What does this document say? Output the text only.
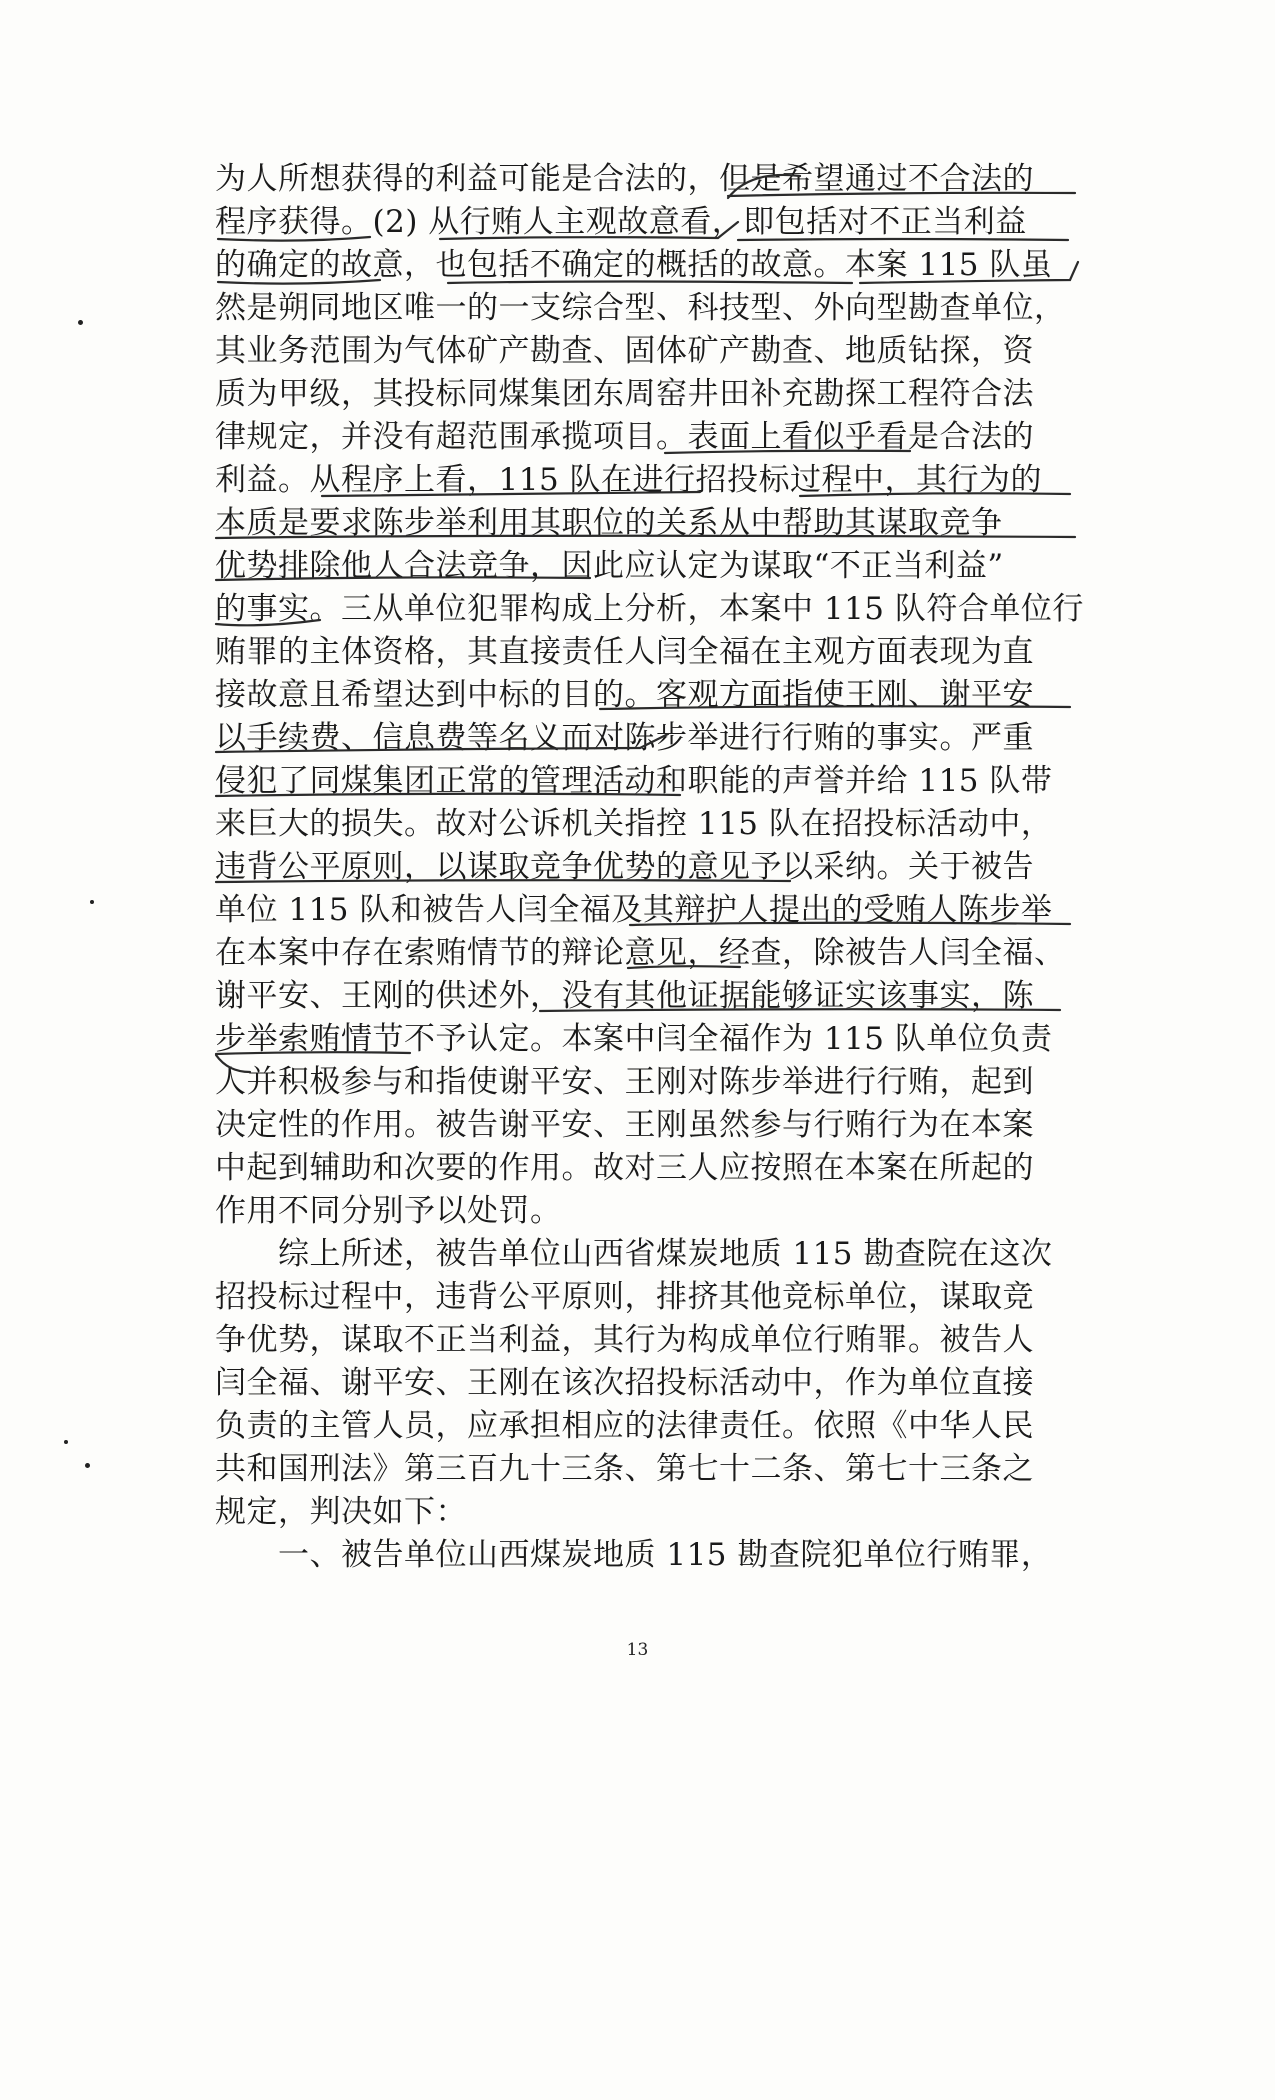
为人所想获得的利益可能是合法的，但是希望通过不合法的
程序获得。(2) 从行贿人主观故意看，即包括对不正当利益
的确定的故意，也包括不确定的概括的故意。本案 115 队虽
然是朔同地区唯一的一支综合型、科技型、外向型勘查单位，
其业务范围为气体矿产勘查、固体矿产勘查、地质钻探，资
质为甲级，其投标同煤集团东周窑井田补充勘探工程符合法
律规定，并没有超范围承揽项目。表面上看似乎看是合法的
利益。从程序上看，115 队在进行招投标过程中，其行为的
本质是要求陈步举利用其职位的关系从中帮助其谋取竞争
优势排除他人合法竞争，因此应认定为谋取“不正当利益”
的事实。三从单位犯罪构成上分析，本案中 115 队符合单位行
贿罪的主体资格，其直接责任人闫全福在主观方面表现为直
接故意且希望达到中标的目的。客观方面指使王刚、谢平安
以手续费、信息费等名义而对陈步举进行行贿的事实。严重
侵犯了同煤集团正常的管理活动和职能的声誉并给 115 队带
来巨大的损失。故对公诉机关指控 115 队在招投标活动中，
违背公平原则，以谋取竞争优势的意见予以采纳。关于被告
单位 115 队和被告人闫全福及其辩护人提出的受贿人陈步举
在本案中存在索贿情节的辩论意见，经查，除被告人闫全福、
谢平安、王刚的供述外，没有其他证据能够证实该事实，陈
步举索贿情节不予认定。本案中闫全福作为 115 队单位负责
人并积极参与和指使谢平安、王刚对陈步举进行行贿，起到
决定性的作用。被告谢平安、王刚虽然参与行贿行为在本案
中起到辅助和次要的作用。故对三人应按照在本案在所起的
作用不同分别予以处罚。
　　综上所述，被告单位山西省煤炭地质 115 勘查院在这次
招投标过程中，违背公平原则，排挤其他竞标单位，谋取竞
争优势，谋取不正当利益，其行为构成单位行贿罪。被告人
闫全福、谢平安、王刚在该次招投标活动中，作为单位直接
负责的主管人员，应承担相应的法律责任。依照《中华人民
共和国刑法》第三百九十三条、第七十二条、第七十三条之
规定，判决如下：
　　一、被告单位山西煤炭地质 115 勘查院犯单位行贿罪，
13
